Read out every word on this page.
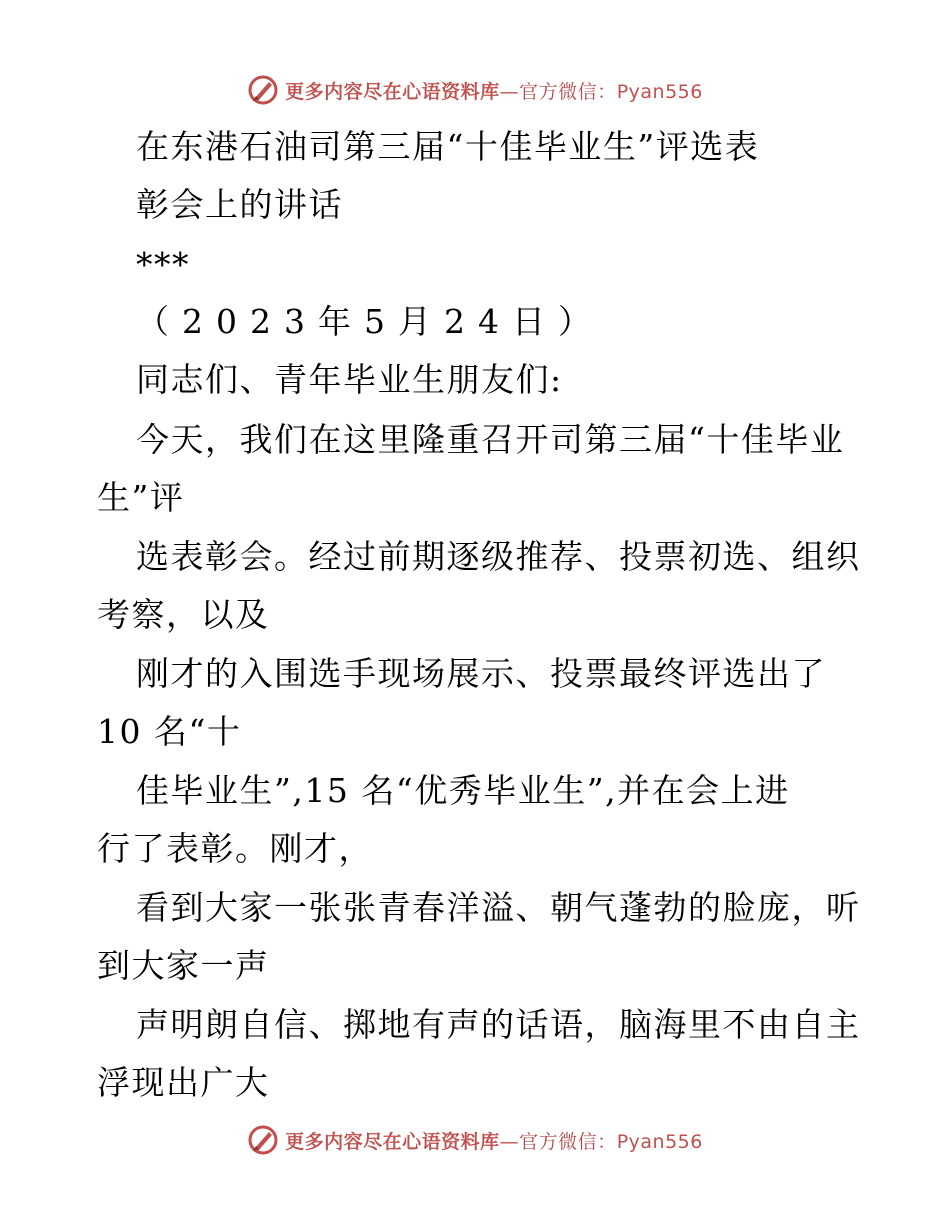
更多内容尽在心语资料库—官方微信：Pyan556
在东港石油司第三届“十佳毕业生”评选表
彰会上的讲话
***
（2023年5月24日）
同志们、青年毕业生朋友们:
今天，我们在这里隆重召开司第三届“十佳毕业
生”评
选表彰会。经过前期逐级推荐、投票初选、组织
考察，以及
刚才的入围选手现场展示、投票最终评选出了
10 名“十
佳毕业生”,15 名“优秀毕业生”,并在会上进
行了表彰。刚才，
看到大家一张张青春洋溢、朝气蓬勃的脸庞，听
到大家一声
声明朗自信、掷地有声的话语，脑海里不由自主
浮现出广大
更多内容尽在心语资料库—官方微信：Pyan556
